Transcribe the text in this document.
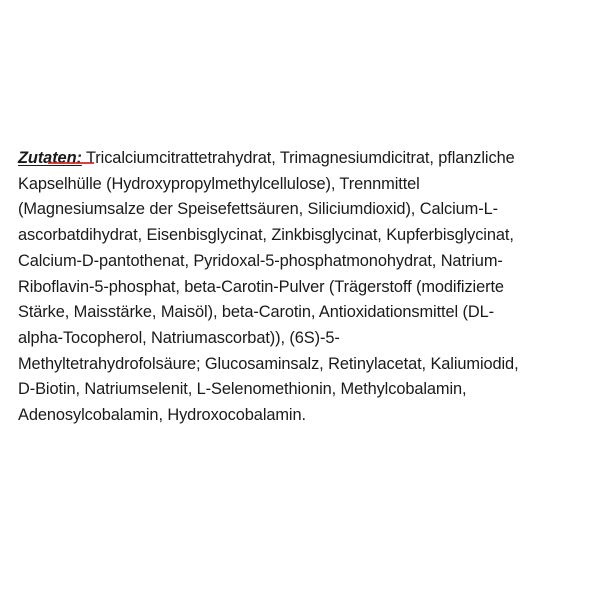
Zutaten: Tricalciumcitrattetrahydrat, Trimagnesiumdicitrat, pflanzliche
Kapselhülle (Hydroxypropylmethylcellulose), Trennmittel
(Magnesiumsalze der Speisefettsäuren, Siliciumdioxid), Calcium-L-
ascorbatdihydrat, Eisenbisglycinat, Zinkbisglycinat, Kupferbisglycinat,
Calcium-D-pantothenat, Pyridoxal-5-phosphatmonohydrat, Natrium-
Riboflavin-5-phosphat, beta-Carotin-Pulver (Trägerstoff (modifizierte
Stärke, Maisstärke, Maisöl), beta-Carotin, Antioxidationsmittel (DL-
alpha-Tocopherol, Natriumascorbat)), (6S)-5-
Methyltetrahydrofolsäure; Glucosaminsalz, Retinylacetat, Kaliumiodid,
D-Biotin, Natriumselenit, L-Selenomethionin, Methylcobalamin,
Adenosylcobalamin, Hydroxocobalamin.
